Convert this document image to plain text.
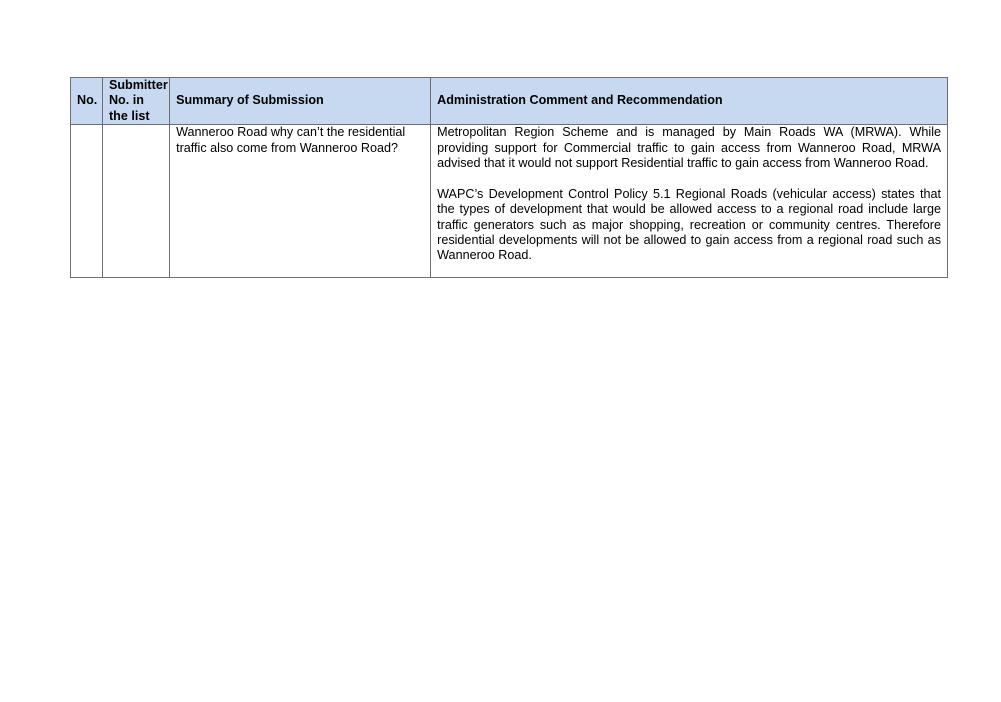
No.	Submitter No. in the list	Summary of Submission	Administration Comment and Recommendation

		Wanneroo Road why can’t the residential traffic also come from Wanneroo Road?	Metropolitan Region Scheme and is managed by Main Roads WA (MRWA). While providing support for Commercial traffic to gain access from Wanneroo Road, MRWA advised that it would not support Residential traffic to gain access from Wanneroo Road.

WAPC’s Development Control Policy 5.1 Regional Roads (vehicular access) states that the types of development that would be allowed access to a regional road include large traffic generators such as major shopping, recreation or community centres. Therefore residential developments will not be allowed to gain access from a regional road such as Wanneroo Road.
